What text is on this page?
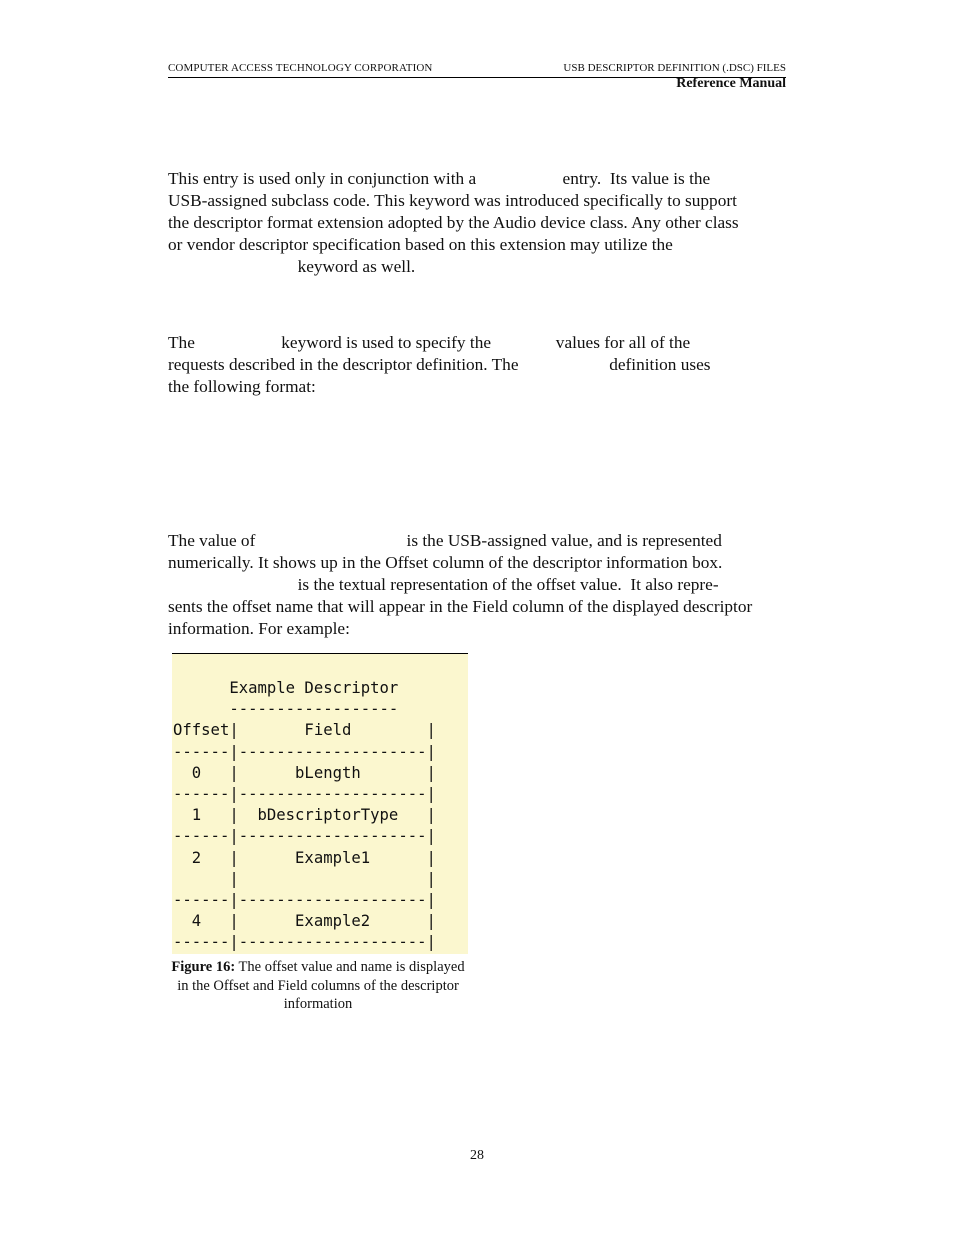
COMPUTER ACCESS TECHNOLOGY CORPORATION	USB DESCRIPTOR DEFINITION (.DSC) FILES
Reference Manual
This entry is used only in conjunction with a                    entry.  Its value is the
USB-assigned subclass code. This keyword was introduced specifically to support
the descriptor format extension adopted by the Audio device class. Any other class
or vendor descriptor specification based on this extension may utilize the
keyword as well.
The                    keyword is used to specify the               values for all of the
requests described in the descriptor definition. The                     definition uses
the following format:
The value of                                   is the USB-assigned value, and is represented
numerically. It shows up in the Offset column of the descriptor information box.
is the textual representation of the offset value.  It also repre-
sents the offset name that will appear in the Field column of the displayed descriptor
information. For example:
Example Descriptor
------------------
Offset|       Field        |
------|--------------------|
0   |      bLength       |
------|--------------------|
1   |  bDescriptorType   |
------|--------------------|
2   |      Example1      |
|                    |
------|--------------------|
4   |      Example2      |
------|--------------------|
Figure 16: The offset value and name is displayed in the Offset and Field columns of the descriptor information
28
